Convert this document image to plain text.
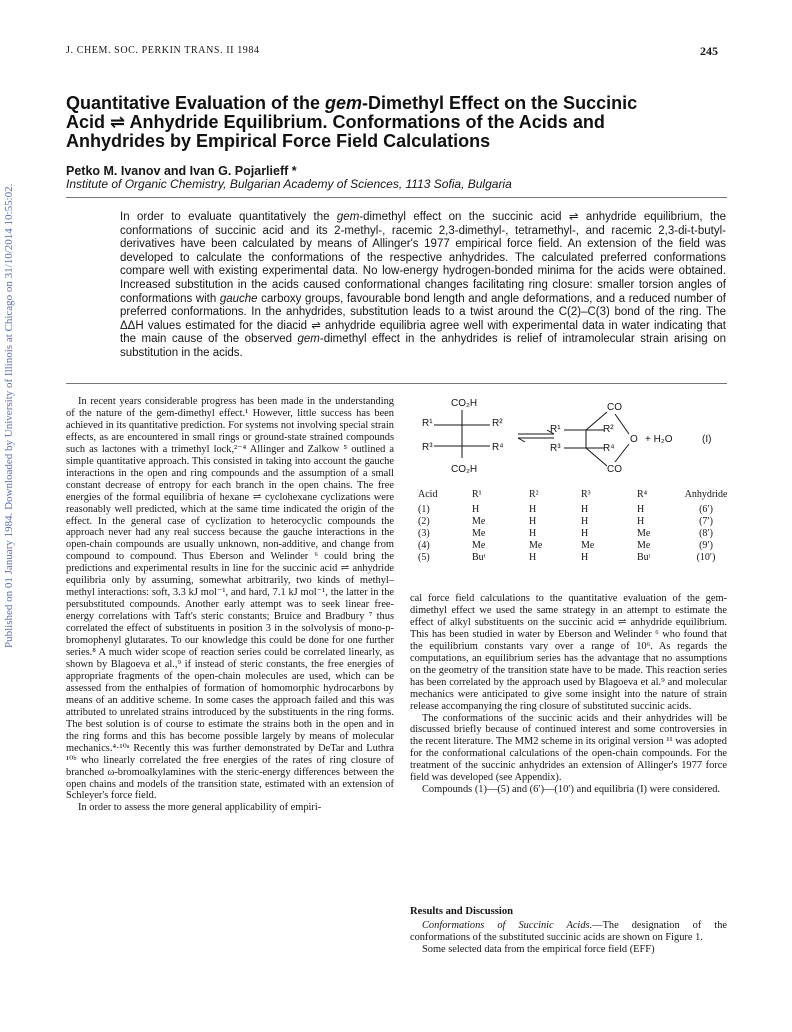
J. CHEM. SOC. PERKIN TRANS. II 1984	245
Published on 01 January 1984. Downloaded by University of Illinois at Chicago on 31/10/2014 10:55:02.
Quantitative Evaluation of the gem-Dimethyl Effect on the Succinic
Acid ⇌ Anhydride Equilibrium. Conformations of the Acids and
Anhydrides by Empirical Force Field Calculations
Petko M. Ivanov and Ivan G. Pojarlieff *
Institute of Organic Chemistry, Bulgarian Academy of Sciences, 1113 Sofia, Bulgaria
In order to evaluate quantitatively the gem-dimethyl effect on the succinic acid ⇌ anhydride equilibrium, the conformations of succinic acid and its 2-methyl-, racemic 2,3-dimethyl-, tetramethyl-, and racemic 2,3-di-t-butyl-derivatives have been calculated by means of Allinger's 1977 empirical force field. An extension of the field was developed to calculate the conformations of the respective anhydrides. The calculated preferred conformations compare well with existing experimental data. No low-energy hydrogen-bonded minima for the acids were obtained. Increased substitution in the acids caused conformational changes facilitating ring closure: smaller torsion angles of conformations with gauche carboxy groups, favourable bond length and angle deformations, and a reduced number of preferred conformations. In the anhydrides, substitution leads to a twist around the C(2)–C(3) bond of the ring. The ΔΔH values estimated for the diacid ⇌ anhydride equilibria agree well with experimental data in water indicating that the main cause of the observed gem-dimethyl effect in the anhydrides is relief of intramolecular strain arising on substitution in the acids.

In recent years considerable progress has been made in the understanding of the nature of the gem-dimethyl effect.¹ However, little success has been achieved in its quantitative prediction. For systems not involving special strain effects, as are encountered in small rings or ground-state strained compounds such as lactones with a trimethyl lock,²⁻⁴ Allinger and Zalkow ⁵ outlined a simple quantitative approach. This consisted in taking into account the gauche interactions in the open and ring compounds and the assumption of a small constant decrease of entropy for each branch in the open chains. The free energies of the formal equilibria of hexane ⇌ cyclohexane cyclizations were reasonably well predicted, which at the same time indicated the origin of the effect. In the general case of cyclization to heterocyclic compounds the approach never had any real success because the gauche interactions in the open-chain compounds are usually unknown, non-additive, and change from compound to compound. Thus Eberson and Welinder ⁶ could bring the predictions and experimental results in line for the succinic acid ⇌ anhydride equilibria only by assuming, somewhat arbitrarily, two kinds of methyl–methyl interactions: soft, 3.3 kJ mol⁻¹, and hard, 7.1 kJ mol⁻¹, the latter in the persubstituted compounds. Another early attempt was to seek linear free-energy correlations with Taft's steric constants; Bruice and Bradbury ⁷ thus correlated the effect of substituents in position 3 in the solvolysis of mono-p-bromophenyl glutarates. To our knowledge this could be done for one further series.⁸ A much wider scope of reaction series could be correlated linearly, as shown by Blagoeva et al.,⁹ if instead of steric constants, the free energies of appropriate fragments of the open-chain molecules are used, which can be assessed from the enthalpies of formation of homomorphic hydrocarbons by means of an additive scheme. In some cases the approach failed and this was attributed to unrelated strains introduced by the substituents in the ring forms. The best solution is of course to estimate the strains both in the open and in the ring forms and this has become possible largely by means of molecular mechanics.⁴·¹⁰ᵃ Recently this was further demonstrated by DeTar and Luthra ¹⁰ᵇ who linearly correlated the free energies of the rates of ring closure of branched ω-bromoalkylamines with the steric-energy differences between the open chains and models of the transition state, estimated with an extension of Schleyer's force field.

In order to assess the more general applicability of empiri-

CO₂H
R¹	R²
R³	R⁴
CO₂H
CO
R¹	R²
R³	R⁴
O
CO
+ H₂O	(I)
Acid	R¹	R²	R³	R⁴	Anhydride
(1)	H	H	H	H	(6′)
(2)	Me	H	H	H	(7′)
(3)	Me	H	H	Me	(8′)
(4)	Me	Me	Me	Me	(9′)
(5)	Buᵗ	H	H	Buᵗ	(10′)

cal force field calculations to the quantitative evaluation of the gem-dimethyl effect we used the same strategy in an attempt to estimate the effect of alkyl substituents on the succinic acid ⇌ anhydride equilibrium. This has been studied in water by Eberson and Welinder ⁶ who found that the equilibrium constants vary over a range of 10⁶. As regards the computations, an equilibrium series has the advantage that no assumptions on the geometry of the transition state have to be made. This reaction series has been correlated by the approach used by Blagoeva et al.⁹ and molecular mechanics were anticipated to give some insight into the nature of strain release accompanying the ring closure of substituted succinic acids.

The conformations of the succinic acids and their anhydrides will be discussed briefly because of continued interest and some controversies in the recent literature. The MM2 scheme in its original version ¹¹ was adopted for the conformational calculations of the open-chain compounds. For the treatment of the succinic anhydrides an extension of Allinger's 1977 force field was developed (see Appendix).

Compounds (1)—(5) and (6′)—(10′) and equilibria (I) were considered.

Results and Discussion

Conformations of Succinic Acids.—The designation of the conformations of the substituted succinic acids are shown on Figure 1.

Some selected data from the empirical force field (EFF)
